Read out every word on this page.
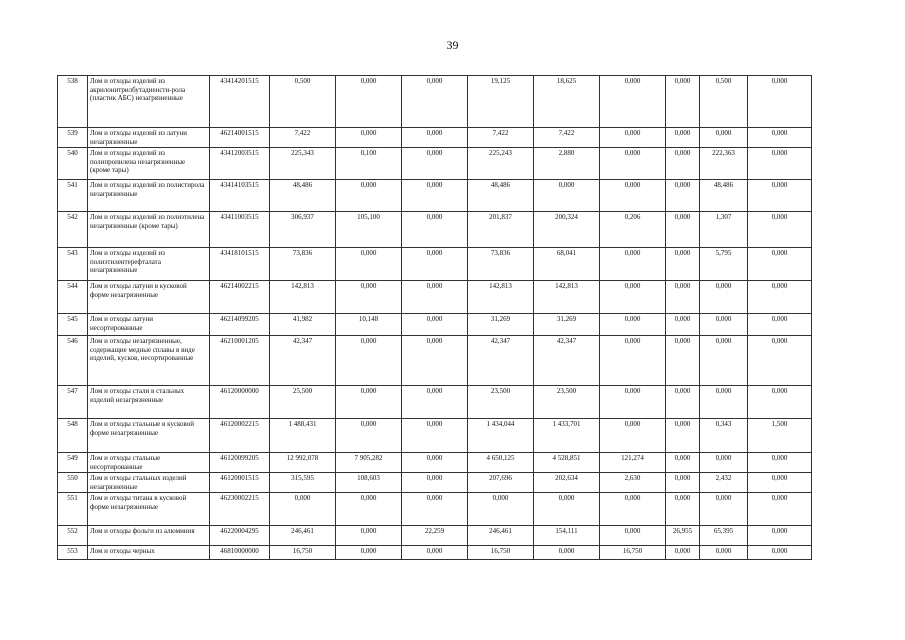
39
538	Лом и отходы изделий из акрилонитрилбутадиенсти-рола (пластик АБС) незагрязненные	43414201515	0,500	0,000	0,000	19,125	18,625	0,000	0,000	0,500	0,000
539	Лом и отходы изделий из латуни незагрязненные	46214001515	7,422	0,000	0,000	7,422	7,422	0,000	0,000	0,000	0,000
540	Лом и отходы изделий из полипропилена незагрязненные (кроме тары)	43412003515	225,343	0,100	0,000	225,243	2,880	0,000	0,000	222,363	0,000
541	Лом и отходы изделий из полистирола незагрязненные	43414103515	48,486	0,000	0,000	48,486	0,000	0,000	0,000	48,486	0,000
542	Лом и отходы изделий из полиэтилена незагрязненные (кроме тары)	43411003515	306,937	105,100	0,000	201,837	200,324	0,206	0,000	1,307	0,000
543	Лом и отходы изделий из полиэтилентерефталата незагрязненные	43418101515	73,836	0,000	0,000	73,836	68,041	0,000	0,000	5,795	0,000
544	Лом и отходы латуни в кусковой форме незагрязненные	46214002215	142,813	0,000	0,000	142,813	142,813	0,000	0,000	0,000	0,000
545	Лом и отходы латуни несортированные	46214099205	41,982	10,148	0,000	31,269	31,269	0,000	0,000	0,000	0,000
546	Лом и отходы незагрязненные, содержащие медные сплавы в виде изделий, кусков, несортированные	46210001205	42,347	0,000	0,000	42,347	42,347	0,000	0,000	0,000	0,000
547	Лом и отходы стали в стальных изделий незагрязненные	46120000000	25,500	0,000	0,000	23,500	23,500	0,000	0,000	0,000	0,000
548	Лом и отходы стальные в кусковой форме незагрязненные	46120002215	1 488,431	0,000	0,000	1 434,044	1 433,701	0,000	0,000	0,343	1,500
549	Лом и отходы стальные несортированные	46120099205	12 992,078	7 905,282	0,000	4 650,125	4 528,851	121,274	0,000	0,000	0,000
550	Лом и отходы стальных изделий незагрязненные	46120001515	315,595	108,603	0,000	207,696	202,634	2,630	0,000	2,432	0,000
551	Лом и отходы титана в кусковой форме незагрязненные	46230002215	0,000	0,000	0,000	0,000	0,000	0,000	0,000	0,000	0,000
552	Лом и отходы фольги из алюминия	46220004295	246,461	0,000	22,259	246,461	154,111	0,000	26,955	65,395	0,000
553	Лом и отходы черных	46810000000	16,750	0,000	0,000	16,750	0,000	16,750	0,000	0,000	0,000
